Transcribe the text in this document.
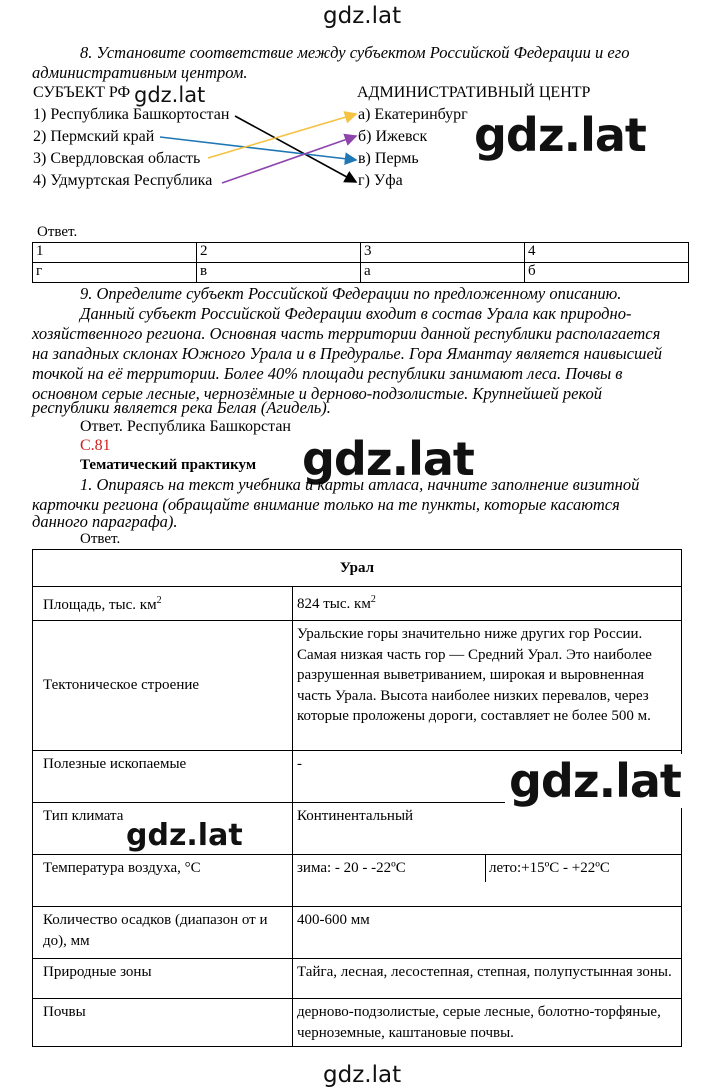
gdz.lat
8. Установите соответствие между субъектом Российской Федерации и его
административным центром.
СУБЪЕКТ РФ gdz.lat	АДМИНИСТРАТИВНЫЙ ЦЕНТР
1) Республика Башкортостан
2) Пермский край
3) Свердловская область
4) Удмуртская Республика
а) Екатеринбург
б) Ижевск
в) Пермь
г) Уфа
gdz.lat
Ответ.
1	2	3	4
г	в	а	б
9. Определите субъект Российской Федерации по предложенному описанию.
Данный субъект Российской Федерации входит в состав Урала как природно-
хозяйственного региона. Основная часть территории данной республики располагается
на западных склонах Южного Урала и в Предуралье. Гора Ямантау является наивысшей
точкой на её территории. Более 40% площади республики занимают леса. Почвы в
основном серые лесные, чернозёмные и дерново-подзолистые. Крупнейшей рекой
республики является река Белая (Агидель).
Ответ. Республика Башкорстан
С.81
Тематический практикум gdz.lat
1. Опираясь на текст учебника и карты атласа, начните заполнение визитной
карточки региона (обращайте внимание только на те пункты, которые касаются
данного параграфа).
Ответ.
Урал	
Площадь, тыс. $км^2$	824 тыс. $км^2$
Тектоническое строение	Уральские горы значительно ниже других гор России. Самая низкая часть гор — Средний Урал. Это наиболее разрушенная выветриванием, широкая и выровненная часть Урала. Высота наиболее низких перевалов, через которые проложены дороги, составляет не более 500 м.
Полезные ископаемые	-
Тип климата	Континентальный
Температура воздуха, °С	зима: - 20 - -22ºС лето:+15ºС - +22ºС

Количество осадков (диапазон от и до), мм	400-600 мм
Природные зоны	Тайга, лесная, лесостепная, степная, полупустынная зоны.
Почвы	дерново-подзолистые, серые лесные, болотно-торфяные, черноземные, каштановые почвы.
gdz.lat
gdz.lat
gdz.lat
